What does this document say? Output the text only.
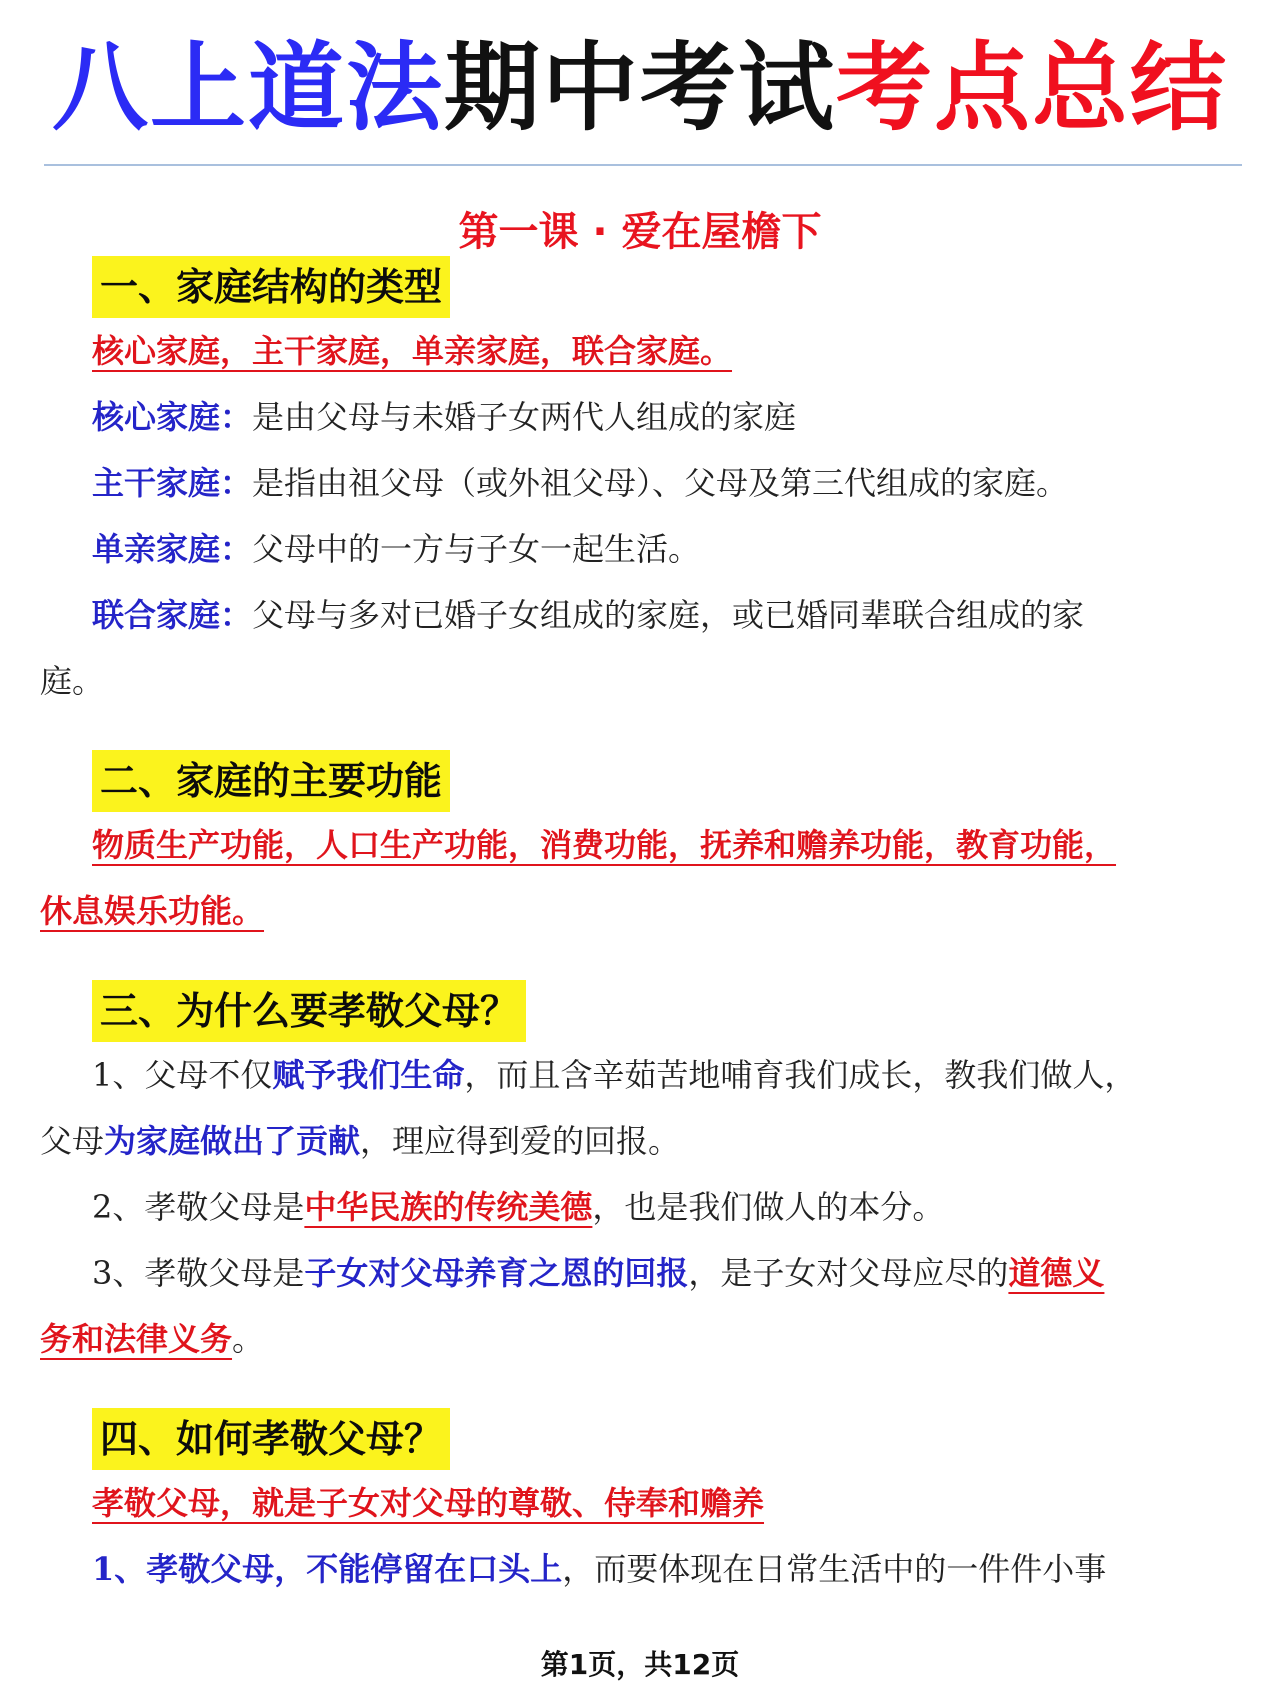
八上道法期中考试考点总结
第一课 · 爱在屋檐下
一、家庭结构的类型
核心家庭，主干家庭，单亲家庭，联合家庭。
核心家庭：是由父母与未婚子女两代人组成的家庭
主干家庭：是指由祖父母（或外祖父母）、父母及第三代组成的家庭。
单亲家庭：父母中的一方与子女一起生活。
联合家庭：父母与多对已婚子女组成的家庭，或已婚同辈联合组成的家
庭。
二、家庭的主要功能
物质生产功能，人口生产功能，消费功能，抚养和赡养功能，教育功能，
休息娱乐功能。
三、为什么要孝敬父母？
1、父母不仅赋予我们生命，而且含辛茹苦地哺育我们成长，教我们做人，
父母为家庭做出了贡献，理应得到爱的回报。
2、孝敬父母是中华民族的传统美德，也是我们做人的本分。
3、孝敬父母是子女对父母养育之恩的回报，是子女对父母应尽的道德义
务和法律义务。
四、如何孝敬父母？
孝敬父母，就是子女对父母的尊敬、侍奉和赡养
1、孝敬父母，不能停留在口头上，而要体现在日常生活中的一件件小事
第1页，共12页
